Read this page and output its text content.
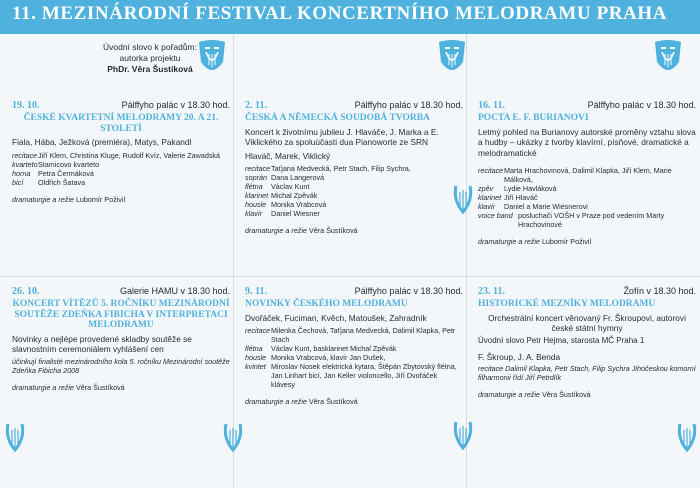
11. MEZINÁRODNÍ FESTIVAL KONCERTNÍHO MELODRAMU PRAHA
Úvodní slovo k pořadům:
autorka projektu
PhDr. Věra Šustíková
19. 10.	Pálffyho palác v 18.30 hod.
ČESKÉ KVARTETNÍ MELODRAMY 20. A 21. STOLETÍ
Fiala, Hába, Ježková (premiéra), Matys, Pakandl
recitace Jiří Klem, Christina Kluge, Rudolf Kvíz, Valerie Zawadská
kvarteto Stamicovo kvarteto
horna	Petra Čermáková
bicí	Oldřich Šatava
dramaturgie a režie Lubomír Poživil
2. 11.	Pálffyho palác v 18.30 hod.
ČESKÁ A NĚMECKÁ SOUDOBÁ TVORBA
Koncert k životnímu jubileu J. Hlaváče, J. Marka a E. Viklického za spoluúčasti dua Pianoworte ze SRN
Hlaváč, Marek, Viklický
recitace Taťjana Medvecká, Petr Stach, Filip Sychra,
soprán Dana Langerová
flétna	Václav Kunt
klarinet Michal Zpěvák
housle Monika Vrabcová
klavír	Daniel Wiesner
dramaturgie a režie Věra Šustíková
16. 11.	Pálffyho palác v 18.30 hod.
POCTA E. F. BURIANOVI
Letmý pohled na Burianovy autorské proměny vztahu slova a hudby – ukázky z tvorby klavírní, písňové, dramatické a melodramatické
recitace Marta Hrachovinová, Dalimil Klapka, Jiří Klem, Marie Málková,
zpěv	Lydie Havláková
klarinet Jiří Hlaváč
klavír	Daniel a Marie Wiesnerovi
voice band posluchači VOŠH v Praze pod vedením Marty Hrachovinové
dramaturgie a režie Lubomír Poživil
26. 10.	Galerie HAMU v 18.30 hod.
KONCERT VÍTĚZŮ 5. ROČNÍKU MEZINÁRODNÍ SOUTĚŽE ZDEŇKA FIBICHA V INTERPRETACI MELODRAMU
Novinky a nejlépe provedené skladby soutěže se slavnostním ceremoniálem vyhlášení cen
účinkují finalisté mezinárodního kola 5. ročníku Mezinárodní soutěže Zdeňka Fibicha 2008
dramaturgie a režie Věra Šustíková
9. 11.	Pálffyho palác v 18.30 hod.
NOVINKY ČESKÉHO MELODRAMU
Dvořáček, Fuciman, Kvěch, Matoušek, Zahradník
recitace Milenka Čechová, Taťjana Medvecká, Dalimil Klapka, Petr Stach
flétna	Václav Kunt, basklarinet Michal Zpěvák
housle Monika Vrabcová, klavír Jan Dušek,
kvintet Miroslav Nosek elektrická kytara, Štěpán Zbytovský flétna, Jan Linhart bicí, Jan Keller violoncello, Jiří Dvořáček klávesy
dramaturgie a režie Věra Šustíková
23. 11.	Žofín v 18.30 hod.
HISTORICKÉ MEZNÍKY MELODRAMU
Orchestrální koncert věnovaný Fr. Škroupovi, autorovi české státní hymny
Úvodní slovo Petr Hejma, starosta MČ Praha 1
F. Škroup, J. A. Benda
recitace Dalimil Klapka, Petr Stach, Filip Sychra Jihočeskou komorní filharmonii řídí Jiří Petrdlík
dramaturgie a režie Věra Šustíková
